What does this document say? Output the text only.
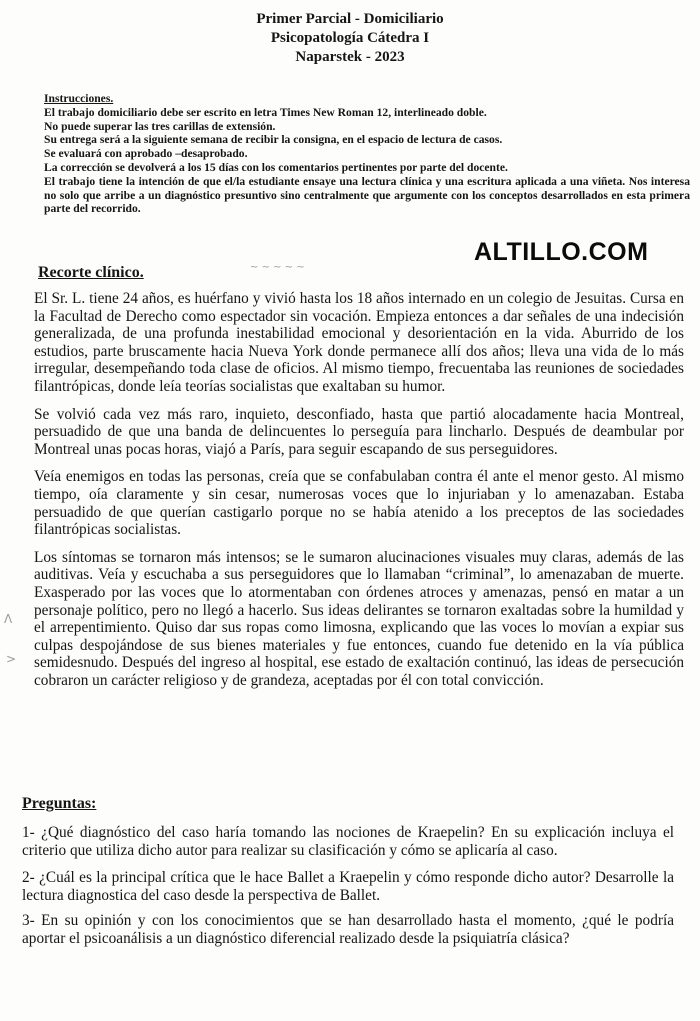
Primer Parcial - Domiciliario
Psicopatología Cátedra I
Naparstek - 2023
Instrucciones.
El trabajo domiciliario debe ser escrito en letra Times New Roman 12, interlineado doble.
No puede superar las tres carillas de extensión.
Su entrega será a la siguiente semana de recibir la consigna, en el espacio de lectura de casos.
Se evaluará con aprobado –desaprobado.
La corrección se devolverá a los 15 días con los comentarios pertinentes por parte del docente.
El trabajo tiene la intención de que el/la estudiante ensaye una lectura clínica y una escritura aplicada a una viñeta. Nos interesa no solo que arribe a un diagnóstico presuntivo sino centralmente que argumente con los conceptos desarrollados en esta primera parte del recorrido.
ALTILLO.COM
~ ~ ~ ~ ~
Recorte clínico.

El Sr. L. tiene 24 años, es huérfano y vivió hasta los 18 años internado en un colegio de Jesuitas. Cursa en la Facultad de Derecho como espectador sin vocación. Empieza entonces a dar señales de una indecisión generalizada, de una profunda inestabilidad emocional y desorientación en la vida. Aburrido de los estudios, parte bruscamente hacia Nueva York donde permanece allí dos años; lleva una vida de lo más irregular, desempeñando toda clase de oficios. Al mismo tiempo, frecuentaba las reuniones de sociedades filantrópicas, donde leía teorías socialistas que exaltaban su humor.

Se volvió cada vez más raro, inquieto, desconfiado, hasta que partió alocadamente hacia Montreal, persuadido de que una banda de delincuentes lo perseguía para lincharlo. Después de deambular por Montreal unas pocas horas, viajó a París, para seguir escapando de sus perseguidores.

Veía enemigos en todas las personas, creía que se confabulaban contra él ante el menor gesto. Al mismo tiempo, oía claramente y sin cesar, numerosas voces que lo injuriaban y lo amenazaban. Estaba persuadido de que querían castigarlo porque no se había atenido a los preceptos de las sociedades filantrópicas socialistas.

Los síntomas se tornaron más intensos; se le sumaron alucinaciones visuales muy claras, además de las auditivas. Veía y escuchaba a sus perseguidores que lo llamaban “criminal”, lo amenazaban de muerte. Exasperado por las voces que lo atormentaban con órdenes atroces y amenazas, pensó en matar a un personaje político, pero no llegó a hacerlo. Sus ideas delirantes se tornaron exaltadas sobre la humildad y el arrepentimiento. Quiso dar sus ropas como limosna, explicando que las voces lo movían a expiar sus culpas despojándose de sus bienes materiales y fue entonces, cuando fue detenido en la vía pública semidesnudo. Después del ingreso al hospital, ese estado de exaltación continuó, las ideas de persecución cobraron un carácter religioso y de grandeza, aceptadas por él con total convicción.

Λ
>
Preguntas:

1- ¿Qué diagnóstico del caso haría tomando las nociones de Kraepelin? En su explicación incluya el criterio que utiliza dicho autor para realizar su clasificación y cómo se aplicaría al caso.

2- ¿Cuál es la principal crítica que le hace Ballet a Kraepelin y cómo responde dicho autor? Desarrolle la lectura diagnostica del caso desde la perspectiva de Ballet.

3- En su opinión y con los conocimientos que se han desarrollado hasta el momento, ¿qué le podría aportar el psicoanálisis a un diagnóstico diferencial realizado desde la psiquiatría clásica?
